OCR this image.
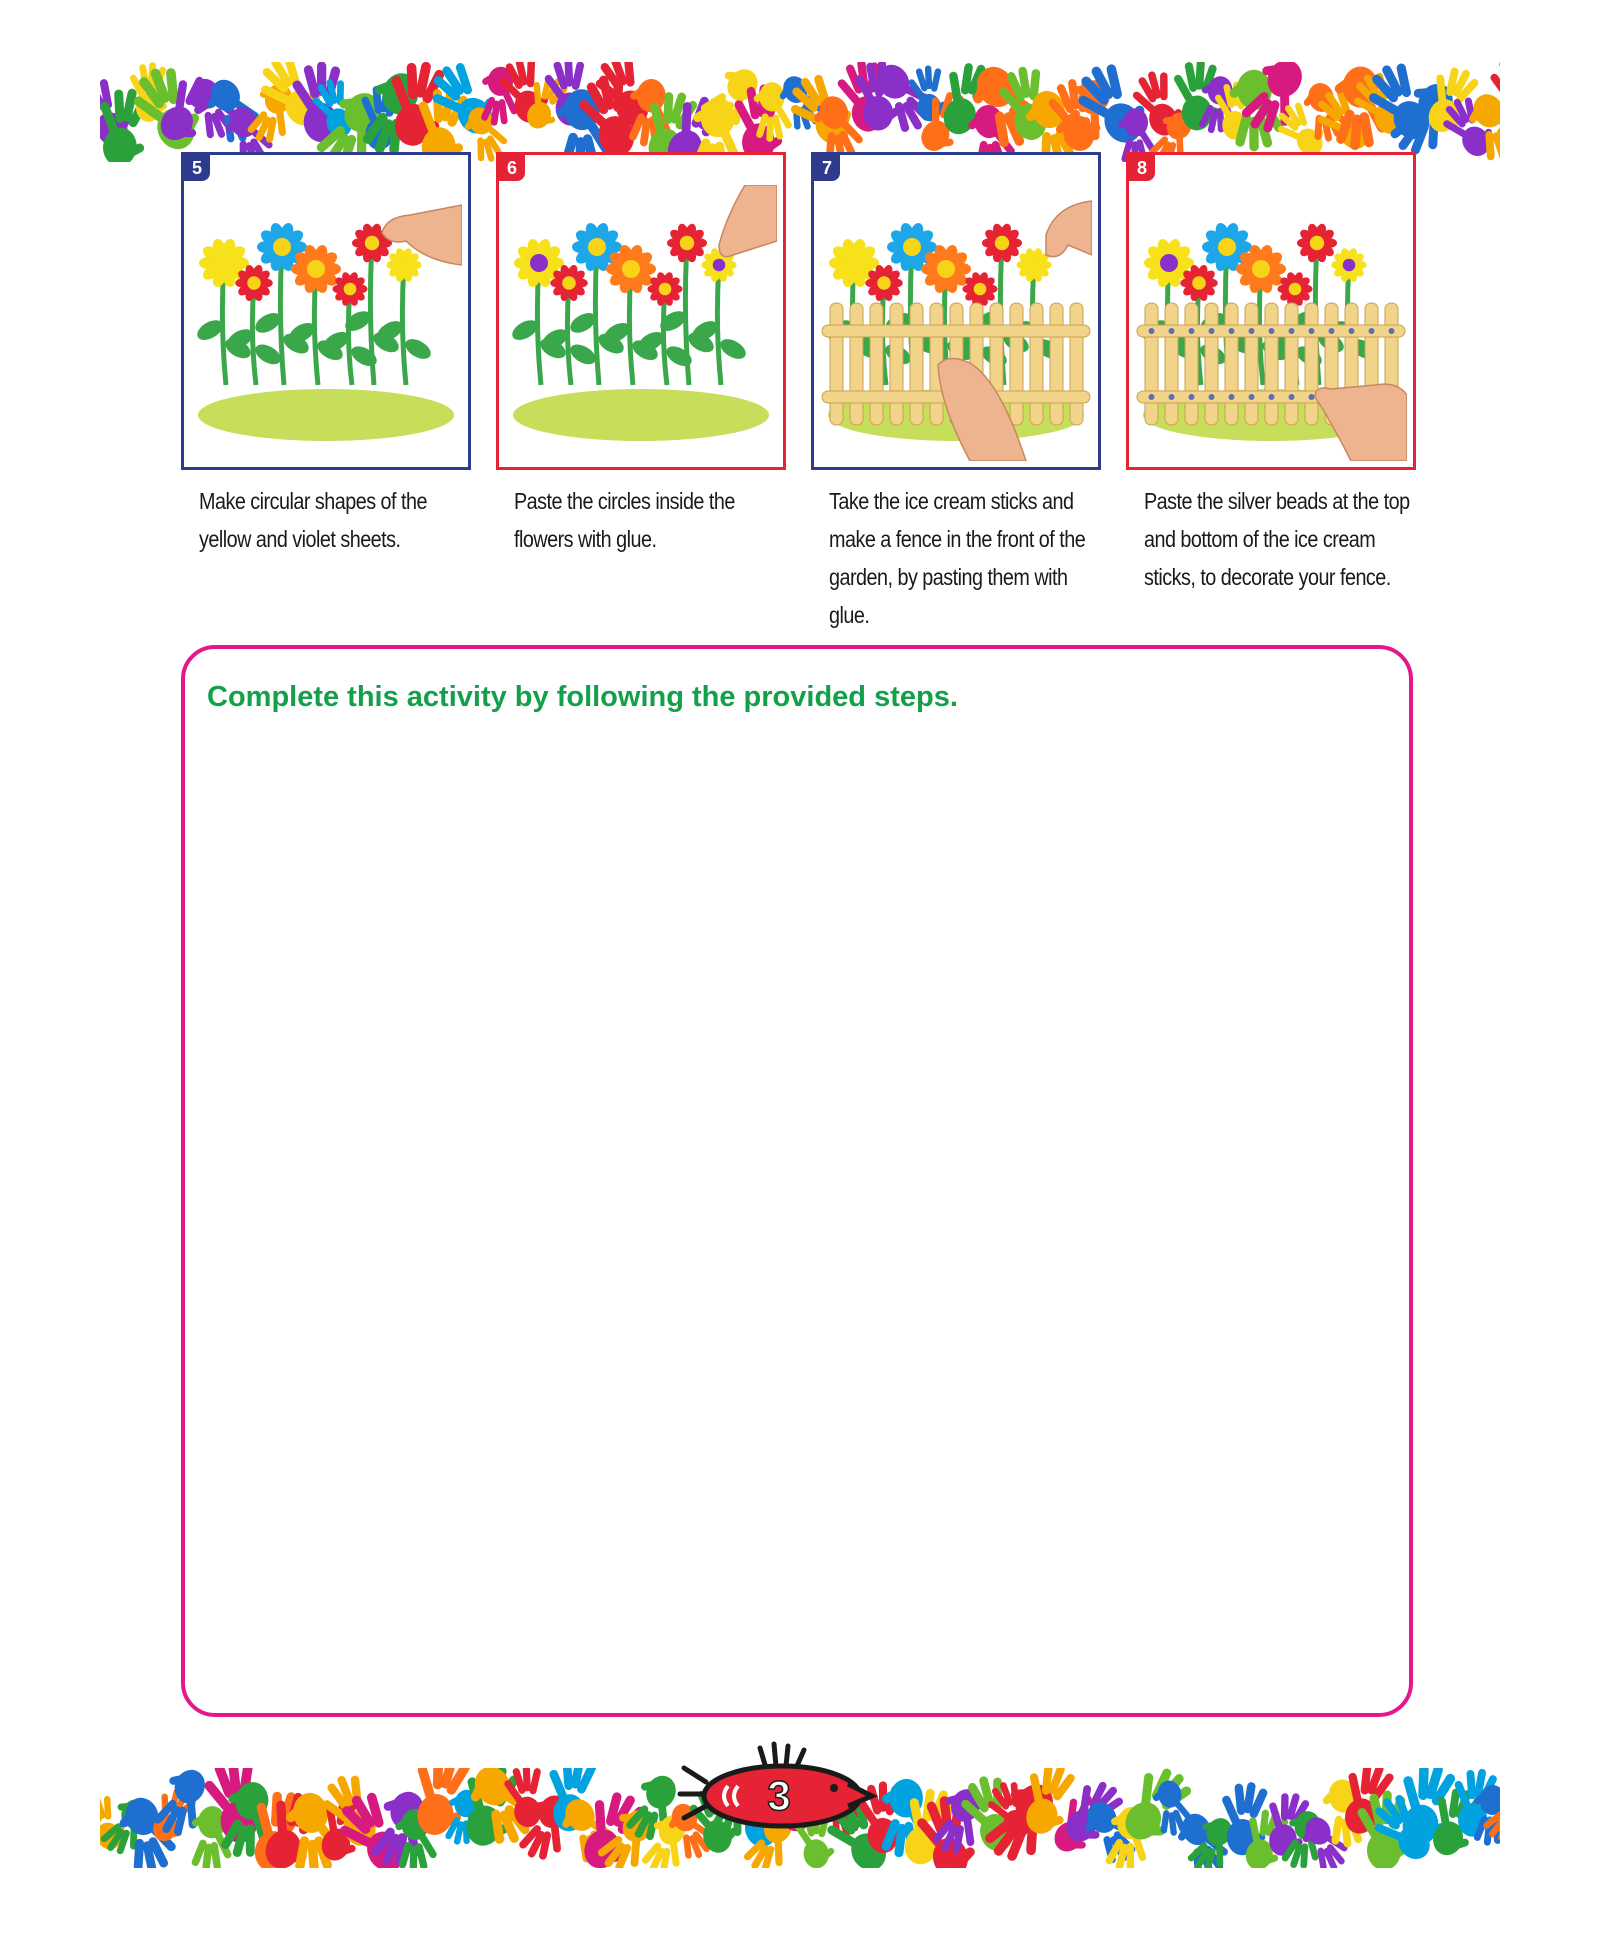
5
Make circular shapes of the yellow and violet sheets.
6
Paste the circles inside the flowers with glue.
7
Take the ice cream sticks and make a fence in the front of the garden, by pasting them with glue.
8
Paste the silver beads at the top and bottom of the ice cream sticks, to decorate your fence.
Complete this activity by following the provided steps.
3
